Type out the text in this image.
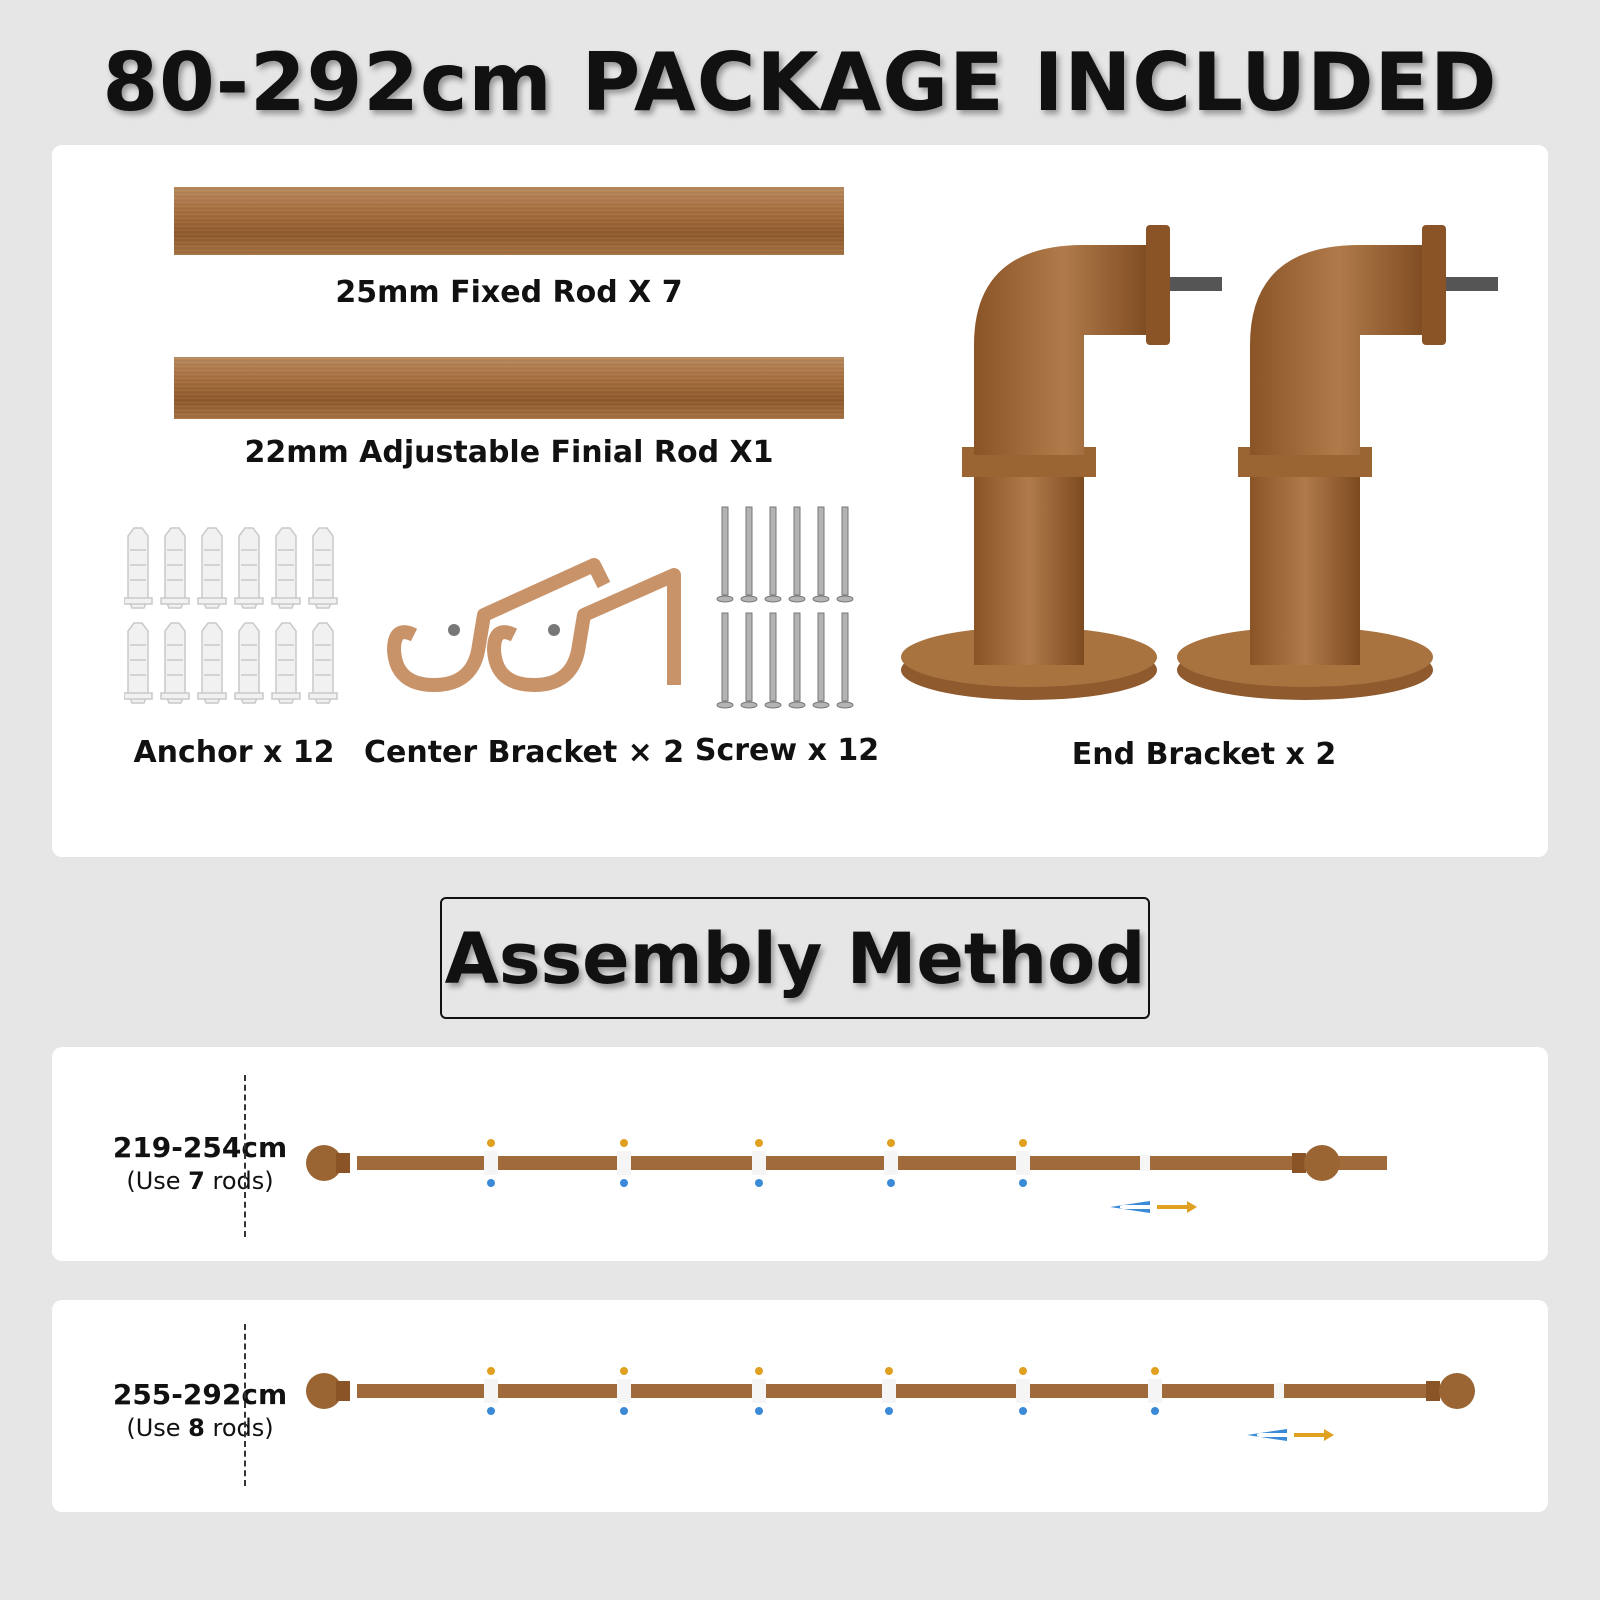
80-292cm PACKAGE INCLUDED
25mm Fixed Rod X 7
22mm Adjustable Finial Rod X1
Anchor x 12 Center Bracket × 2 Screw x 12	End Bracket x 2
Assembly Method
219-254cm
(Use 7 rods)
255-292cm
(Use 8 rods)
